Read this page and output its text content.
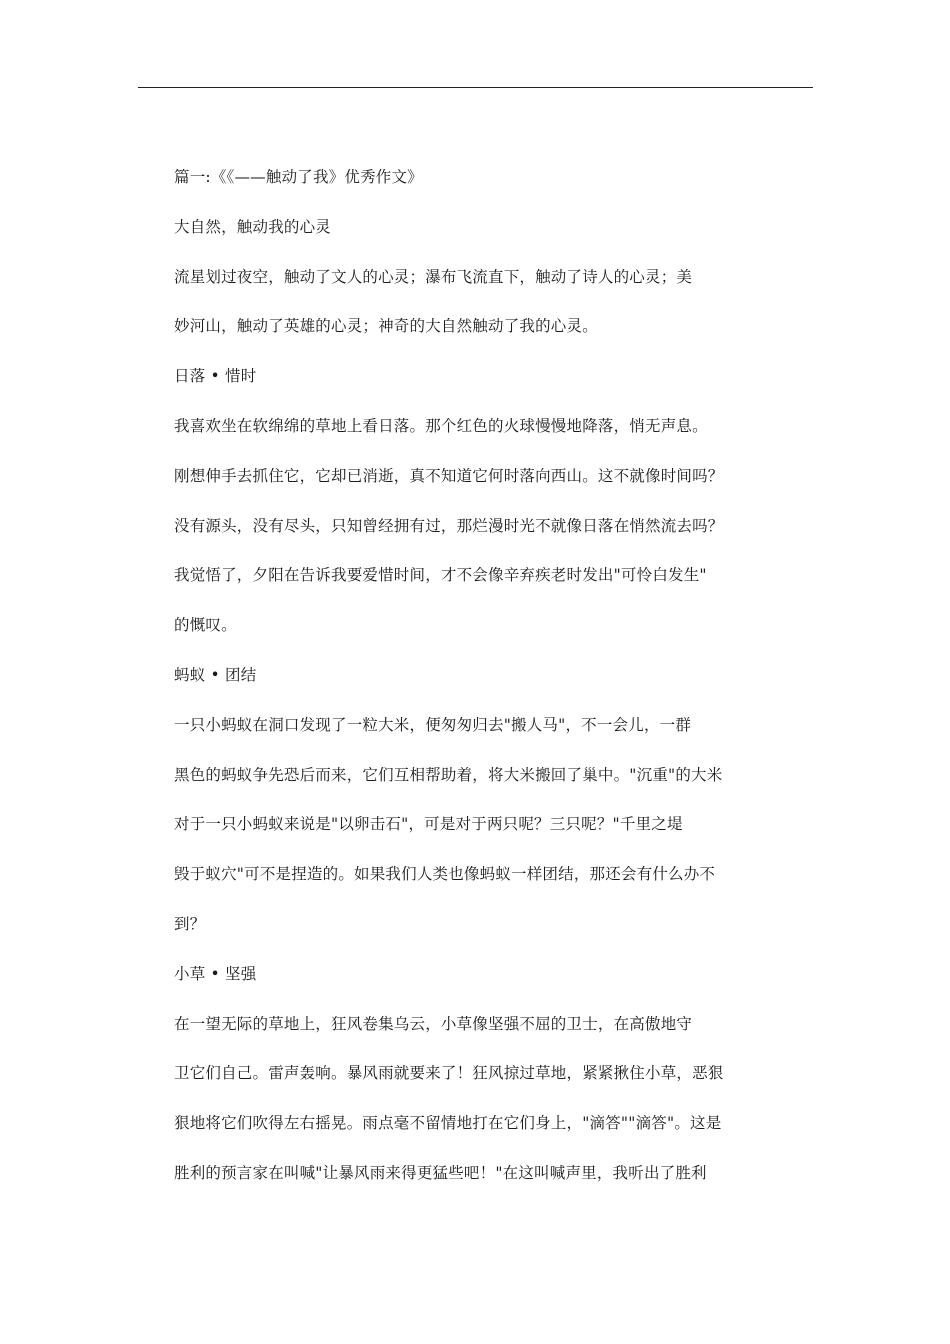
篇一:《《——触动了我》优秀作文》
大自然，触动我的心灵
流星划过夜空，触动了文人的心灵；瀑布飞流直下，触动了诗人的心灵；美
妙河山，触动了英雄的心灵；神奇的大自然触动了我的心灵。
日落 • 惜时
我喜欢坐在软绵绵的草地上看日落。那个红色的火球慢慢地降落，悄无声息。
刚想伸手去抓住它，它却已消逝，真不知道它何时落向西山。这不就像时间吗？
没有源头，没有尽头，只知曾经拥有过，那烂漫时光不就像日落在悄然流去吗？
我觉悟了，夕阳在告诉我要爱惜时间，才不会像辛弃疾老时发出"可怜白发生"
的慨叹。
蚂蚁 • 团结
一只小蚂蚁在洞口发现了一粒大米，便匆匆归去"搬人马"，不一会儿，一群
黑色的蚂蚁争先恐后而来，它们互相帮助着，将大米搬回了巢中。"沉重"的大米
对于一只小蚂蚁来说是"以卵击石"，可是对于两只呢？三只呢？"千里之堤
毁于蚁穴"可不是捏造的。如果我们人类也像蚂蚁一样团结，那还会有什么办不
到？
小草 • 坚强
在一望无际的草地上，狂风卷集乌云，小草像坚强不屈的卫士，在高傲地守
卫它们自己。雷声轰响。暴风雨就要来了！狂风掠过草地，紧紧揪住小草，恶狠
狠地将它们吹得左右摇晃。雨点毫不留情地打在它们身上，"滴答""滴答"。这是
胜利的预言家在叫喊"让暴风雨来得更猛些吧！"在这叫喊声里，我听出了胜利
